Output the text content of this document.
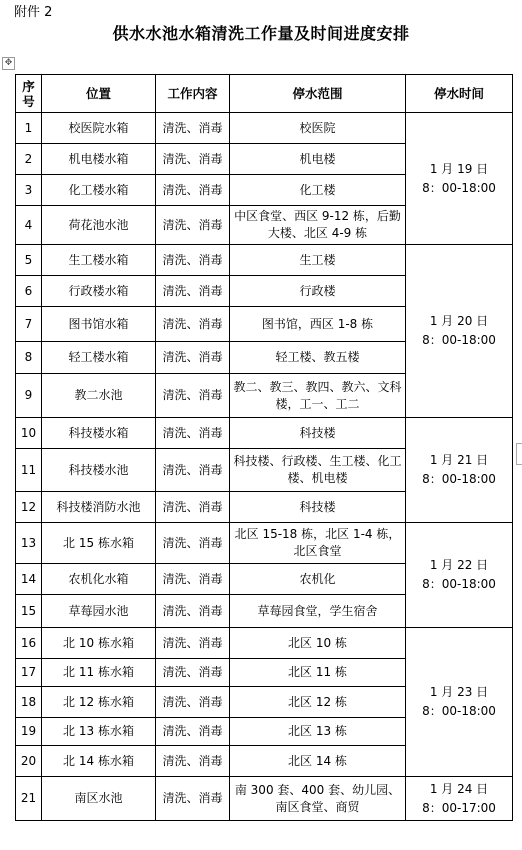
附件 2
供水水池水箱清洗工作量及时间进度安排
✥
序号	位置	工作内容	停水范围	停水时间
1	校医院水箱	清洗、消毒	校医院	1 月 19 日
8：00-18:00

2	机电楼水箱	清洗、消毒	机电楼	
3	化工楼水箱	清洗、消毒	化工楼	
4	荷花池水池	清洗、消毒	中区食堂、西区 9-12 栋，后勤大楼、北区 4-9 栋	
5	生工楼水箱	清洗、消毒	生工楼	1 月 20 日
8：00-18:00

6	行政楼水箱	清洗、消毒	行政楼	
7	图书馆水箱	清洗、消毒	图书馆，西区 1-8 栋	
8	轻工楼水箱	清洗、消毒	轻工楼、教五楼	
9	教二水池	清洗、消毒	教二、教三、教四、教六、文科楼，工一、工二	
10	科技楼水箱	清洗、消毒	科技楼	1 月 21 日
8：00-18:00

11	科技楼水池	清洗、消毒	科技楼、行政楼、生工楼、化工楼、机电楼	
12	科技楼消防水池	清洗、消毒	科技楼	
13	北 15 栋水箱	清洗、消毒	北区 15-18 栋，北区 1-4 栋，北区食堂	1 月 22 日
8：00-18:00

14	农机化水箱	清洗、消毒	农机化	
15	草莓园水池	清洗、消毒	草莓园食堂，学生宿舍	
16	北 10 栋水箱	清洗、消毒	北区 10 栋	1 月 23 日
8：00-18:00

17	北 11 栋水箱	清洗、消毒	北区 11 栋	
18	北 12 栋水箱	清洗、消毒	北区 12 栋	
19	北 13 栋水箱	清洗、消毒	北区 13 栋	
20	北 14 栋水箱	清洗、消毒	北区 14 栋	
21	南区水池	清洗、消毒	南 300 套、400 套、幼儿园、南区食堂、商贸	1 月 24 日
8：00-17:00
